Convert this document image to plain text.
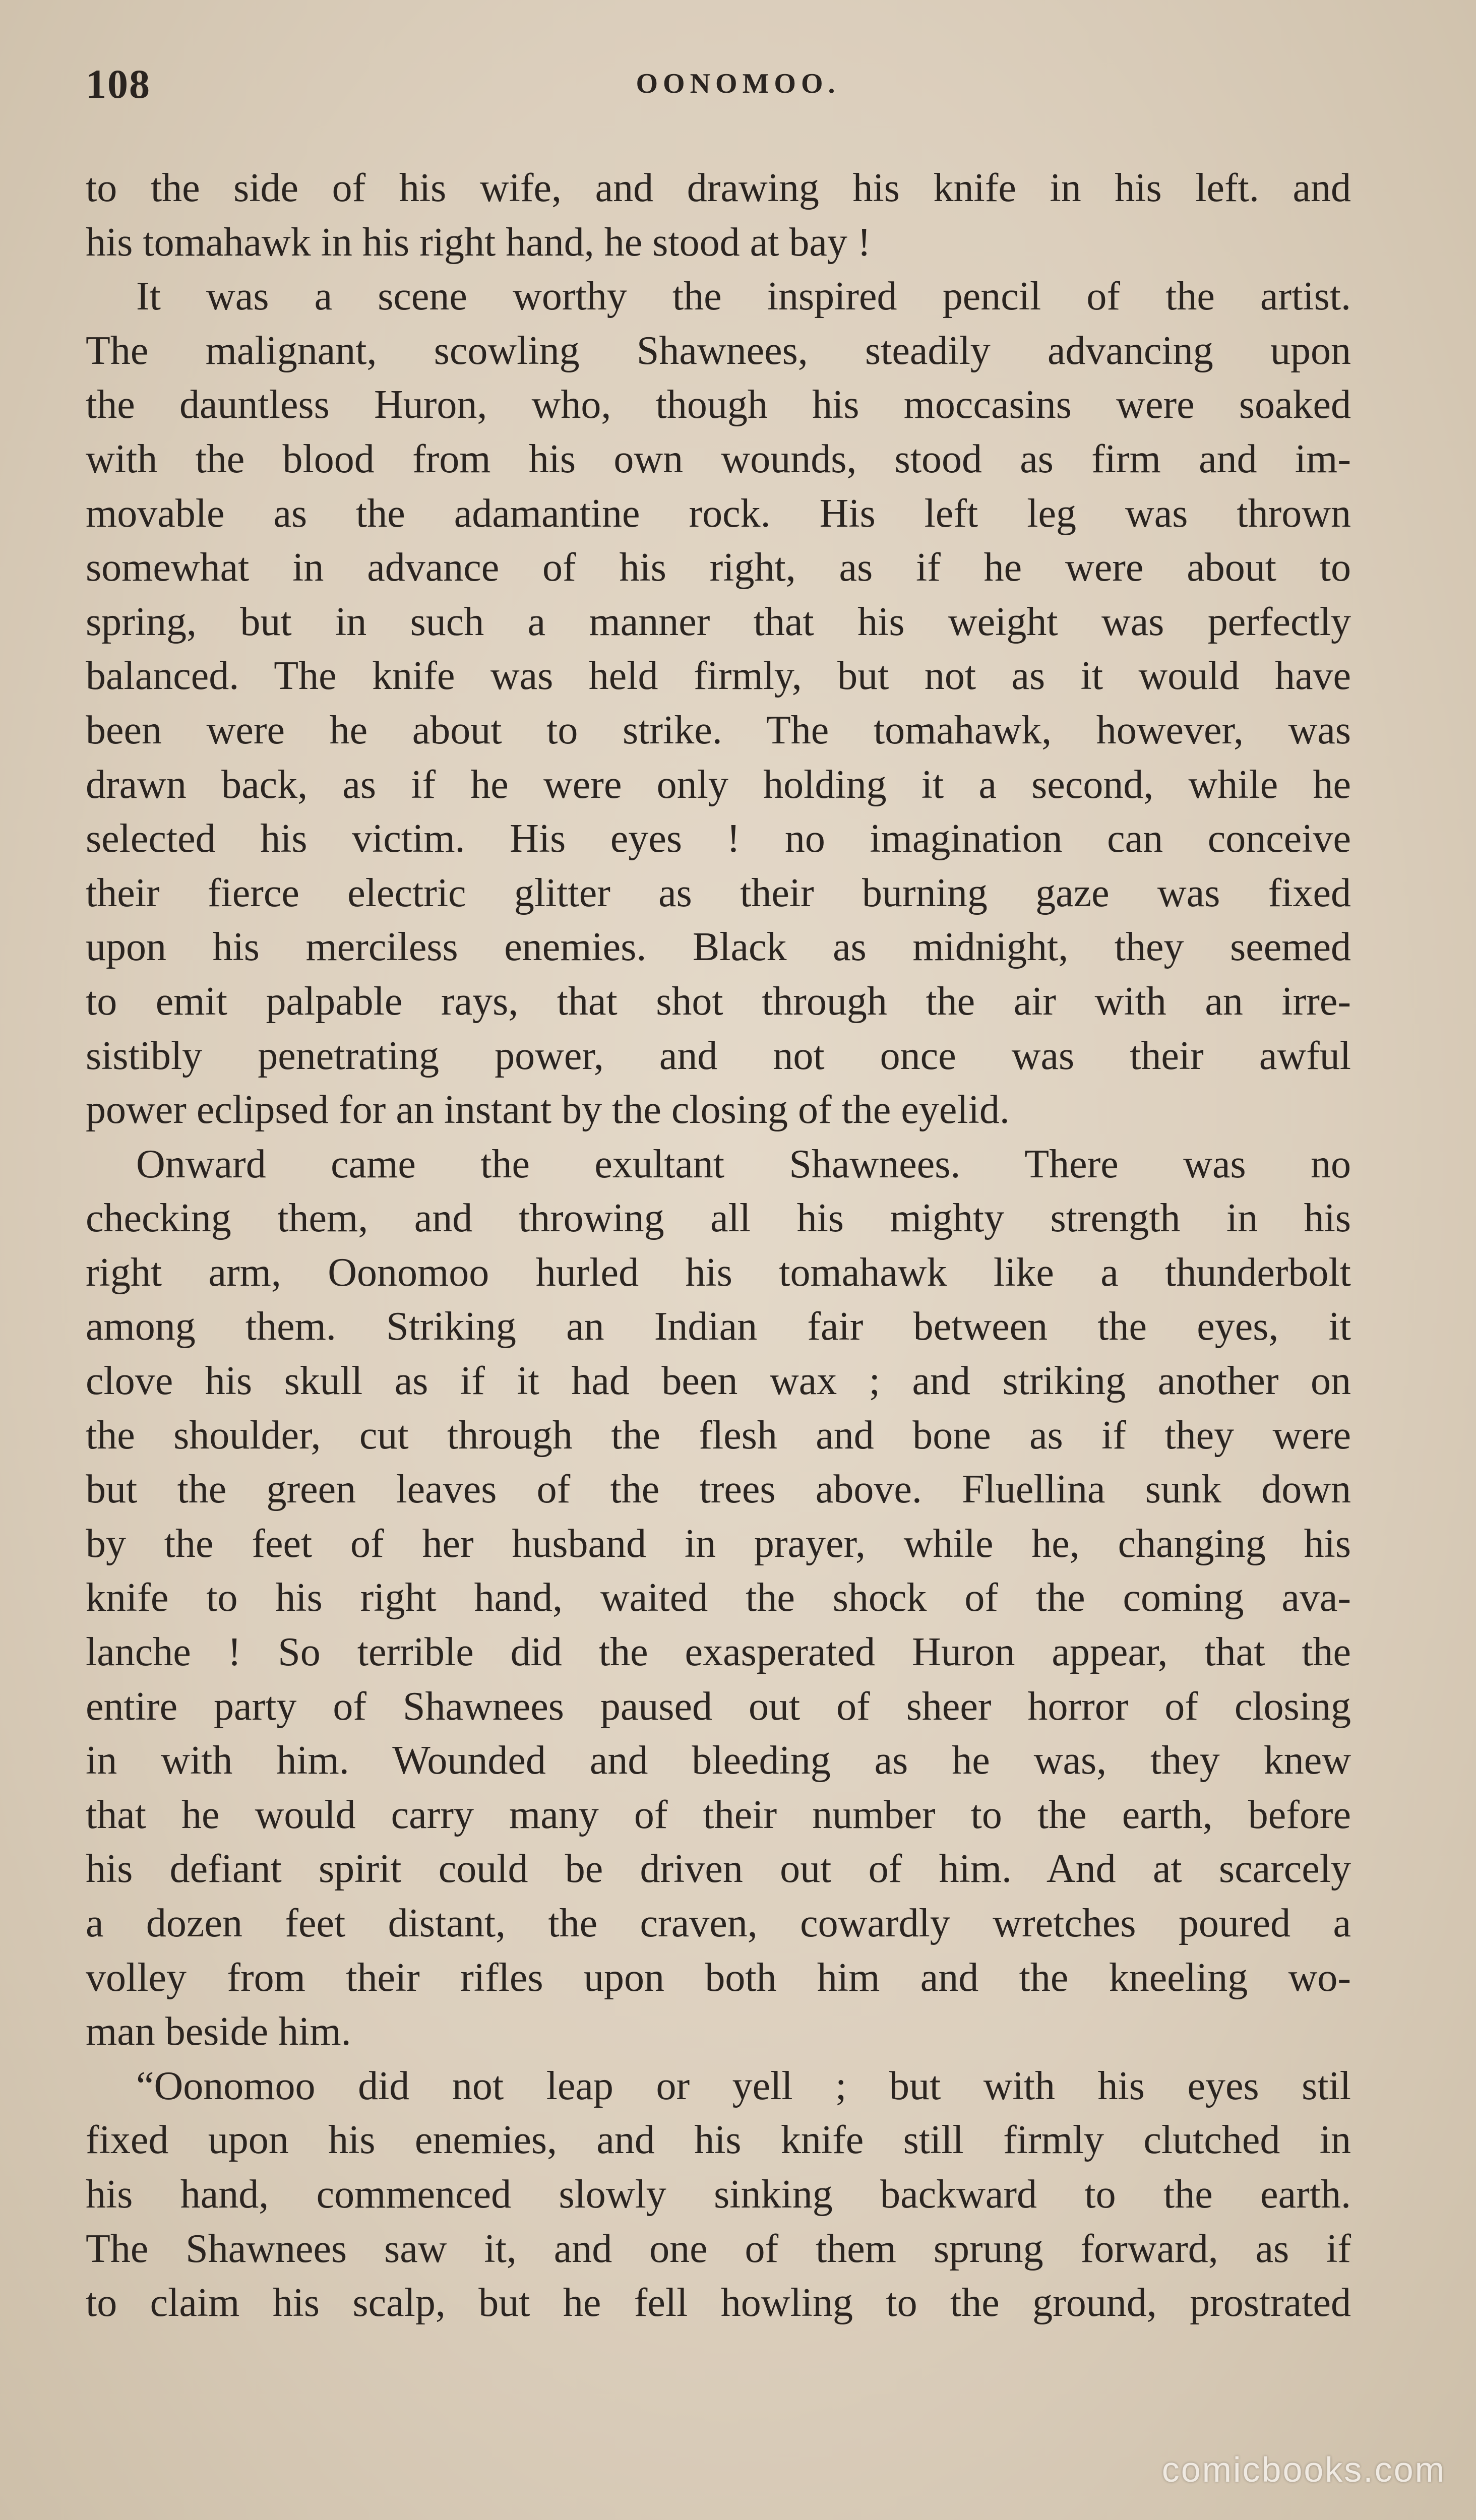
108	OONOMOO.

to the side of his wife, and drawing his knife in his left. and
his tomahawk in his right hand, he stood at bay !

It was a scene worthy the inspired pencil of the artist.
The malignant, scowling Shawnees, steadily advancing upon
the dauntless Huron, who, though his moccasins were soaked
with the blood from his own wounds, stood as firm and im-
movable as the adamantine rock. His left leg was thrown
somewhat in advance of his right, as if he were about to
spring, but in such a manner that his weight was perfectly
balanced. The knife was held firmly, but not as it would have
been were he about to strike. The tomahawk, however, was
drawn back, as if he were only holding it a second, while he
selected his victim. His eyes ! no imagination can conceive
their fierce electric glitter as their burning gaze was fixed
upon his merciless enemies. Black as midnight, they seemed
to emit palpable rays, that shot through the air with an irre-
sistibly penetrating power, and not once was their awful
power eclipsed for an instant by the closing of the eyelid.

Onward came the exultant Shawnees. There was no
checking them, and throwing all his mighty strength in his
right arm, Oonomoo hurled his tomahawk like a thunderbolt
among them. Striking an Indian fair between the eyes, it
clove his skull as if it had been wax ; and striking another on
the shoulder, cut through the flesh and bone as if they were
but the green leaves of the trees above. Fluellina sunk down
by the feet of her husband in prayer, while he, changing his
knife to his right hand, waited the shock of the coming ava-
lanche ! So terrible did the exasperated Huron appear, that the
entire party of Shawnees paused out of sheer horror of closing
in with him. Wounded and bleeding as he was, they knew
that he would carry many of their number to the earth, before
his defiant spirit could be driven out of him. And at scarcely
a dozen feet distant, the craven, cowardly wretches poured a
volley from their rifles upon both him and the kneeling wo-
man beside him.

“Oonomoo did not leap or yell ; but with his eyes stil
fixed upon his enemies, and his knife still firmly clutched in
his hand, commenced slowly sinking backward to the earth.
The Shawnees saw it, and one of them sprung forward, as if
to claim his scalp, but he fell howling to the ground, prostrated

comicbooks.com
